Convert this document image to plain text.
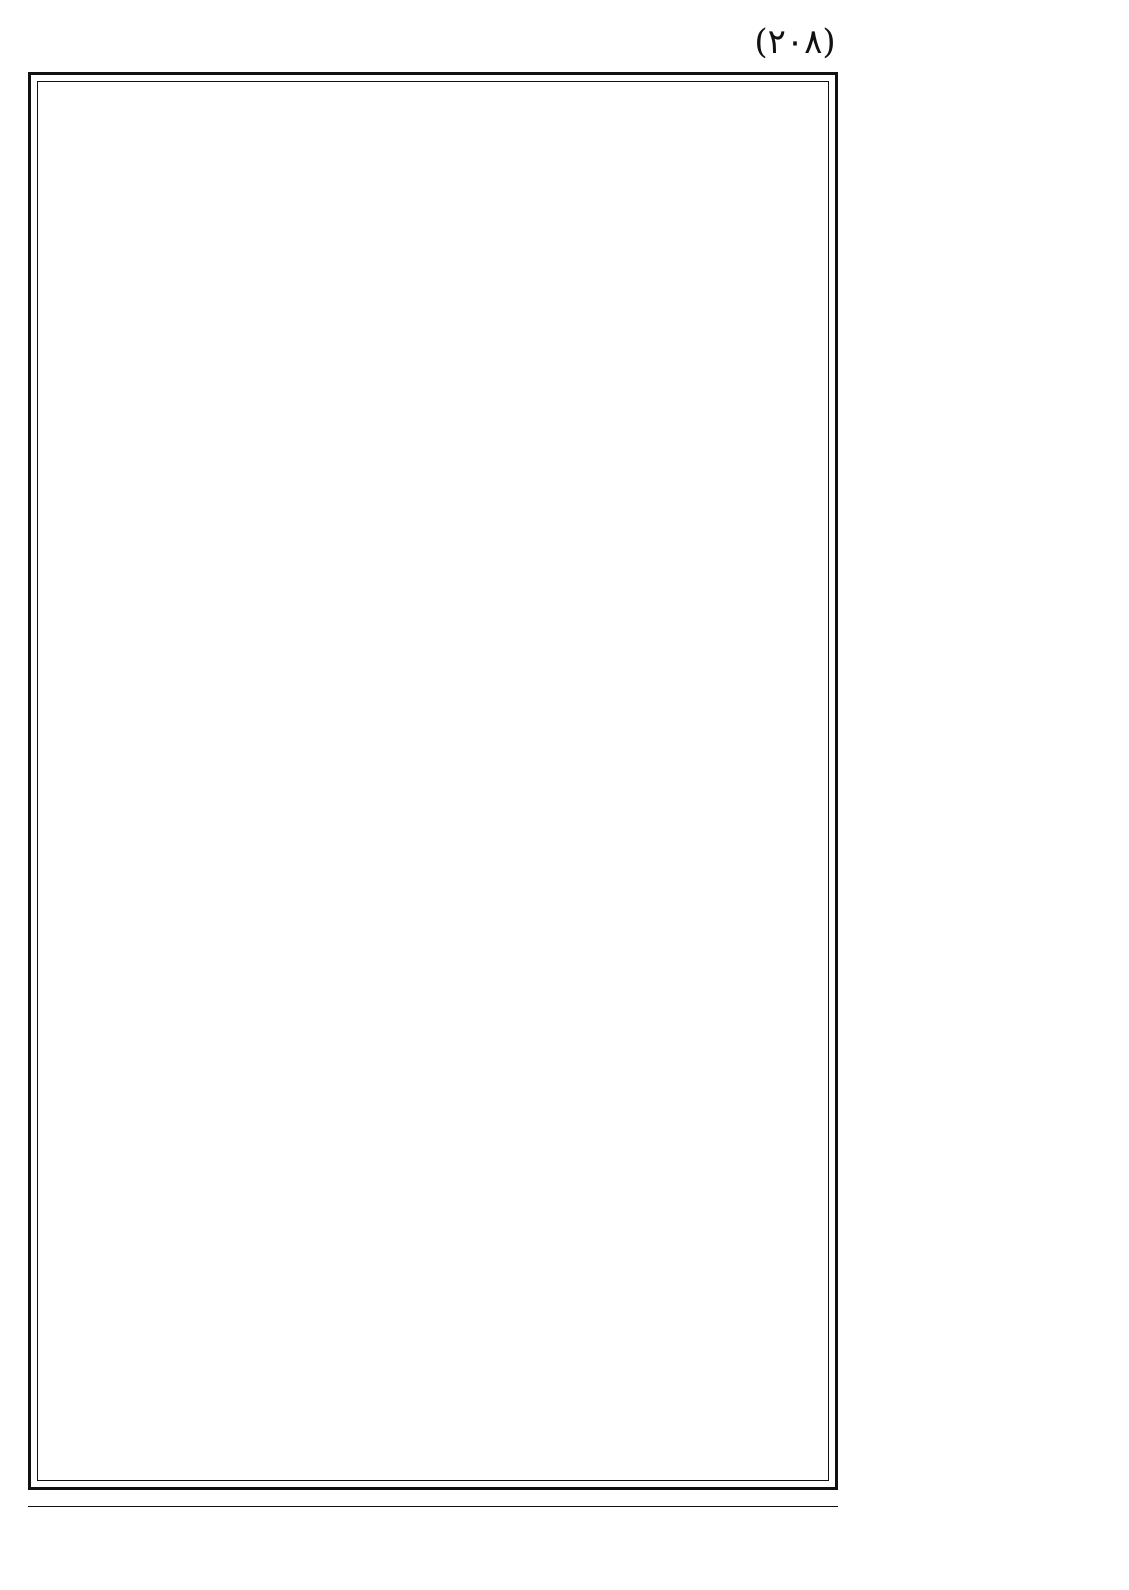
(٢٠٨)
